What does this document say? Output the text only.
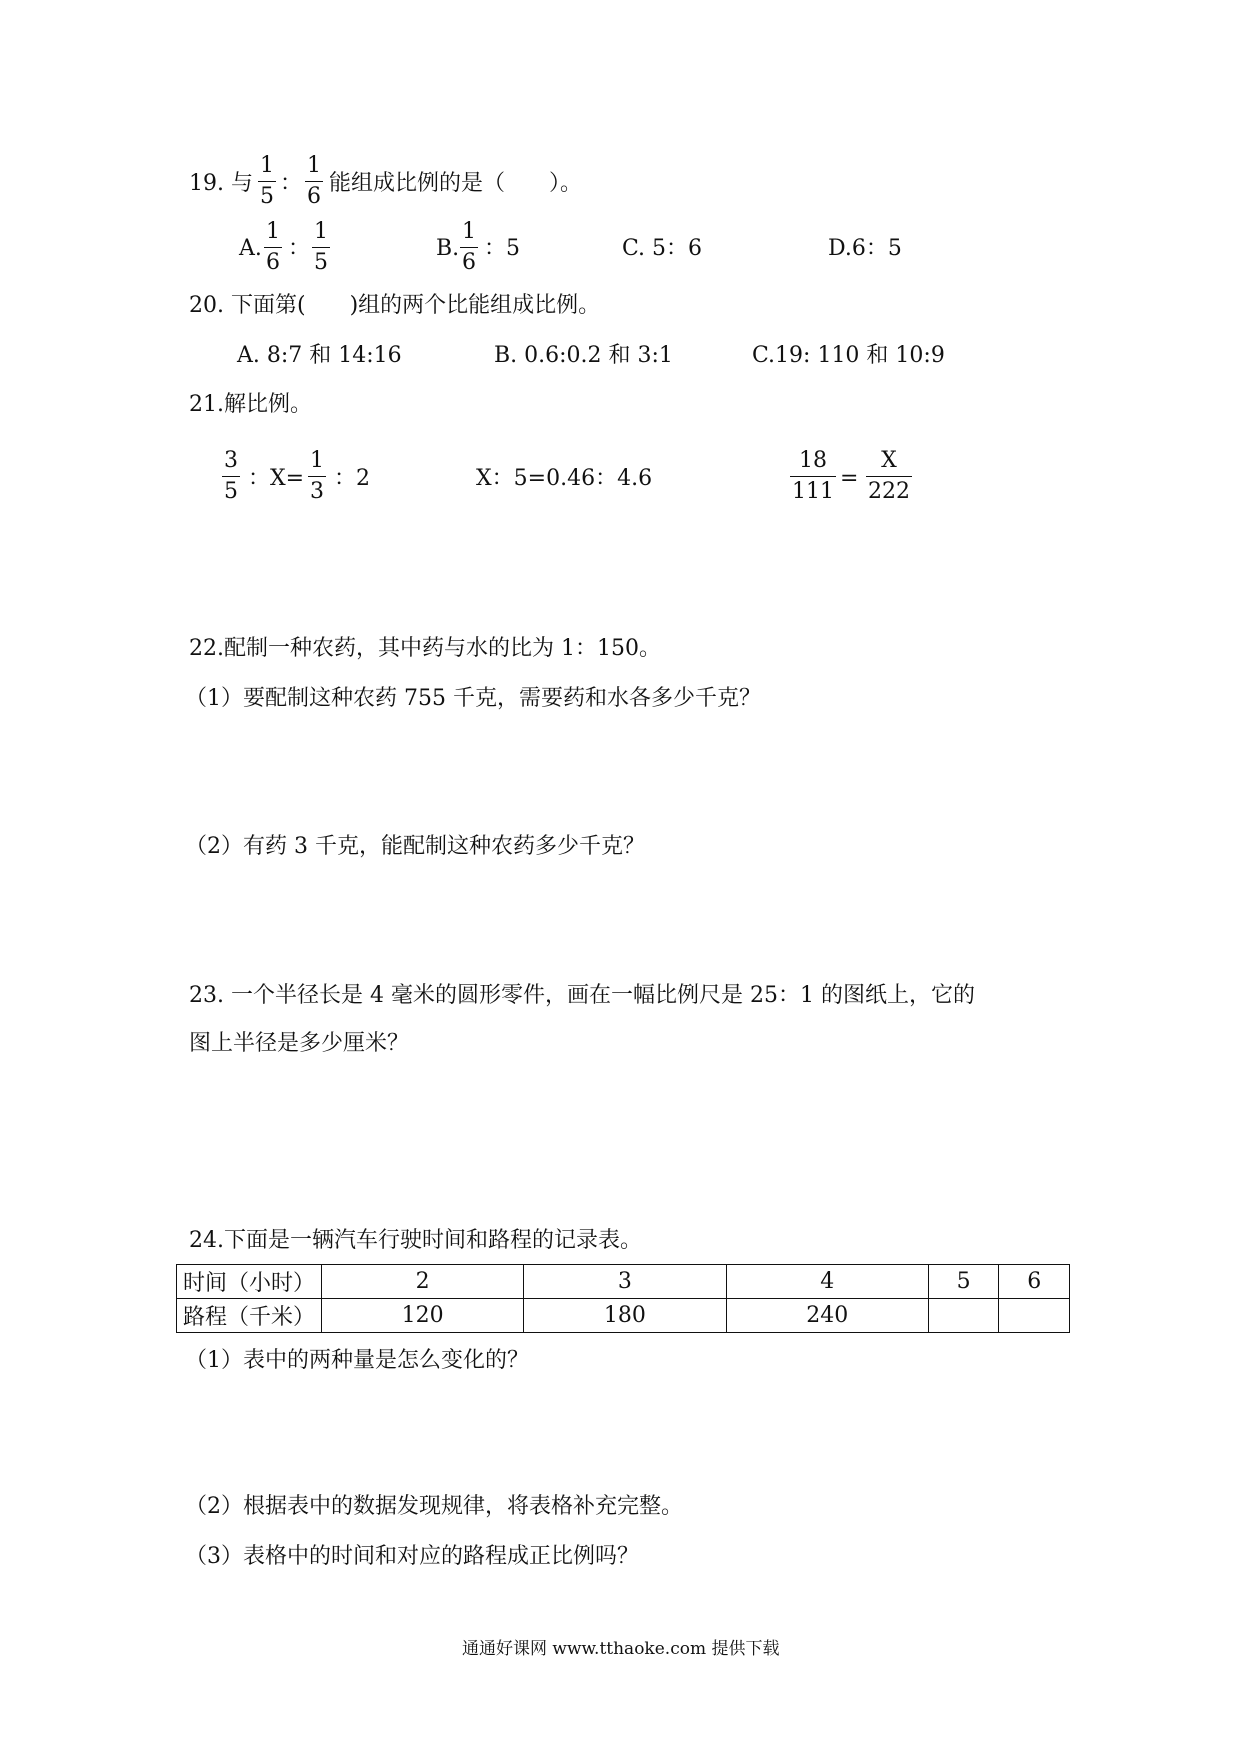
19. 与
1
5
：
1
6
能组成比例的是（　　）。
A.
1
6
：
1
5
B.
1
6
：5	C. 5：6	D.6：5
20. 下面第(　　)组的两个比能组成比例。
A. 8:7 和 14:16	B. 0.6:0.2 和 3:1	C.19: 110 和 10:9
21.解比例。
3
5
：X=
1
3
：2	X：5=0.46：4.6
18
111
=
X
222
22.配制一种农药，其中药与水的比为 1：150。
（1）要配制这种农药 755 千克，需要药和水各多少千克？
（2）有药 3 千克，能配制这种农药多少千克？
23. 一个半径长是 4 毫米的圆形零件，画在一幅比例尺是 25：1 的图纸上，它的
图上半径是多少厘米？
24.下面是一辆汽车行驶时间和路程的记录表。
时间（小时）	2	3	4	5	6
路程（千米）	120	180	240		
（1）表中的两种量是怎么变化的？
（2）根据表中的数据发现规律，将表格补充完整。
（3）表格中的时间和对应的路程成正比例吗？
通通好课网 www.tthaoke.com 提供下载
